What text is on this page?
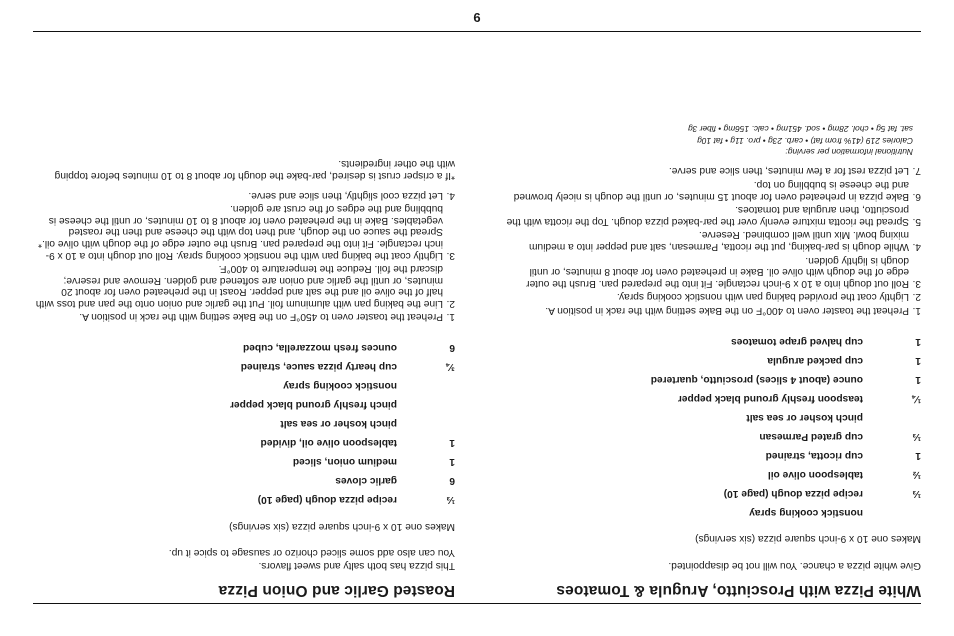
6
White Pizza with Prosciutto, Arugula & Tomatoes
Give white pizza a chance. You will not be disappointed.
Makes one 10 x 9-inch square pizza (six servings)
nonstick cooking spray
⅓
recipe pizza dough (page 10)
½
tablespoon olive oil
1
cup ricotta, strained
⅓
cup grated Parmesan
pinch kosher or sea salt
¼
teaspoon freshly ground black pepper
1
ounce (about 4 slices) prosciutto, quartered
1
cup packed arugula
1
cup halved grape tomatoes
1.
Preheat the toaster oven to 400°F on the Bake setting with the rack in position A.
2.
Lightly coat the provided baking pan with nonstick cooking spray.
3.
Roll out dough into a 10 x 9-inch rectangle. Fit into the prepared pan. Brush the outer edge of the dough with olive oil. Bake in preheated oven for about 8 minutes, or until dough is lightly golden.
4.
While dough is par-baking, put the ricotta, Parmesan, salt and pepper into a medium mixing bowl. Mix until well combined. Reserve.
5.
Spread the ricotta mixture evenly over the par-baked pizza dough. Top the ricotta with the prosciutto, then arugula and tomatoes.
6.
Bake pizza in preheated oven for about 15 minutes, or until the dough is nicely browned and the cheese is bubbling on top.
7.
Let pizza rest for a few minutes, then slice and serve.
Nutritional information per serving:
Calories 219 (41% from fat) • carb. 23g • pro. 11g • fat 10g
sat. fat 5g • chol. 28mg • sod. 451mg • calc. 156mg • fiber 3g
Roasted Garlic and Onion Pizza
This pizza has both salty and sweet flavors.
You can also add some sliced chorizo or sausage to spice it up.
Makes one 10 x 9-inch square pizza (six servings)
⅓
recipe pizza dough (page 10)
6
garlic cloves
1
medium onion, sliced
1
tablespoon olive oil, divided
pinch kosher or sea salt
pinch freshly ground black pepper
nonstick cooking spray
¾
cup hearty pizza sauce, strained
6
ounces fresh mozzarella, cubed
1.
Preheat the toaster oven to 450°F on the Bake setting with the rack in position A.
2.
Line the baking pan with aluminum foil. Put the garlic and onion onto the pan and toss with half of the olive oil and the salt and pepper. Roast in the preheated oven for about 20 minutes, or until the garlic and onion are softened and golden. Remove and reserve; discard the foil. Reduce the temperature to 400°F.
3.
Lightly coat the baking pan with the nonstick cooking spray. Roll out dough into a 10 x 9-inch rectangle. Fit into the prepared pan. Brush the outer edge of the dough with olive oil.* Spread the sauce on the dough, and then top with the cheese and then the roasted vegetables. Bake in the preheated oven for about 8 to 10 minutes, or until the cheese is bubbling and the edges of the crust are golden.
4.
Let pizza cool slightly, then slice and serve.
*If a crisper crust is desired, par-bake the dough for about 8 to 10 minutes before topping with the other ingredients.
